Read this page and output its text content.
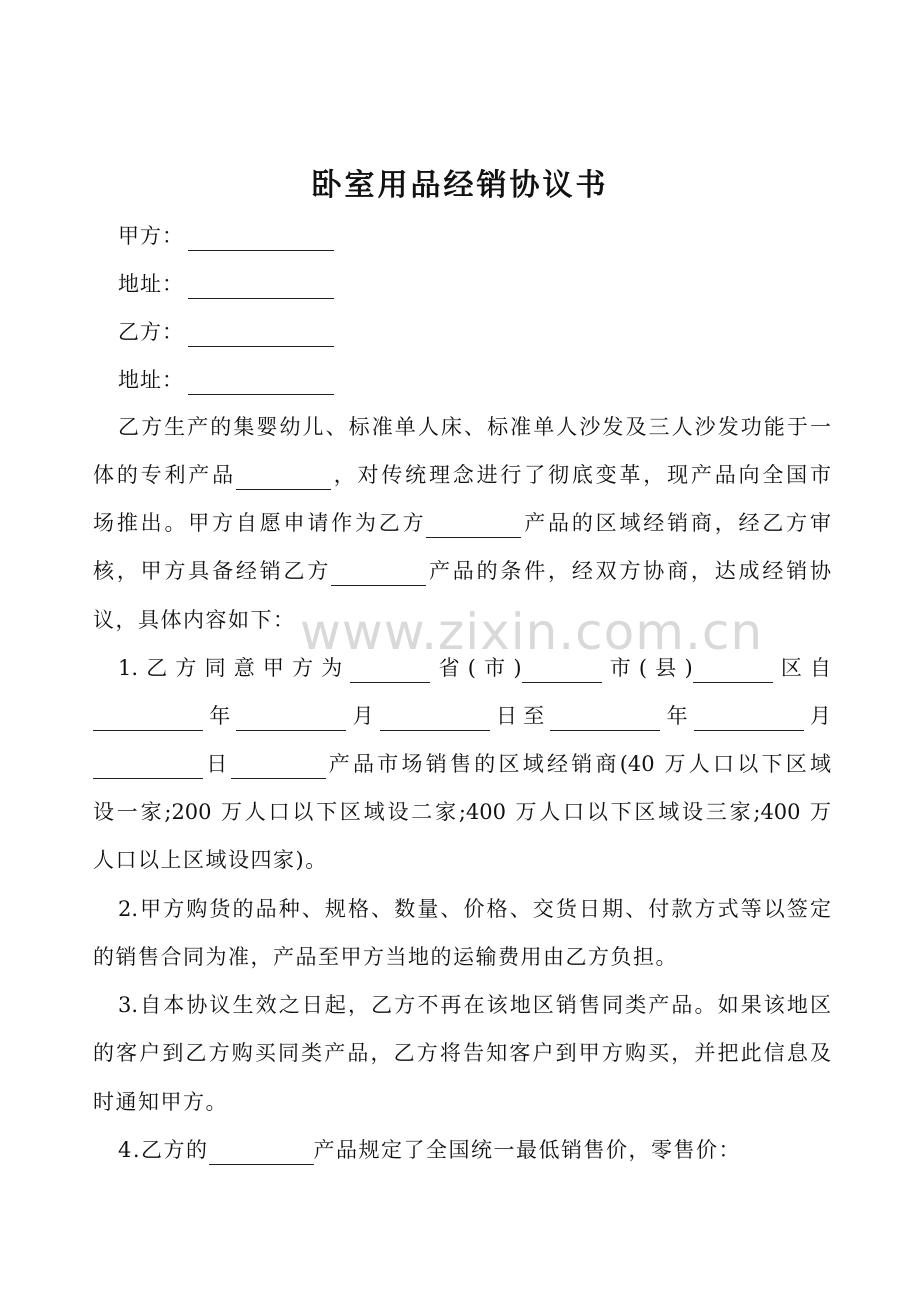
卧室用品经销协议书
甲方：
地址：
乙方：
地址：
乙方生产的集婴幼儿、标准单人床、标准单人沙发及三人沙发功能于一
体的专利产品	，对传统理念进行了彻底变革，现产品向全国市
场推出。甲方自愿申请作为乙方	产品的区域经销商，经乙方审
核，甲方具备经销乙方	产品的条件，经双方协商，达成经销协
议，具体内容如下：
1.乙方同意甲方为	省(市)	市(县)	区自
年	月	日至	年	月
日	产品市场销售的区域经销商(40 万人口以下区域
设一家;200 万人口以下区域设二家;400 万人口以下区域设三家;400 万
人口以上区域设四家)。
2.甲方购货的品种、规格、数量、价格、交货日期、付款方式等以签定
的销售合同为准，产品至甲方当地的运输费用由乙方负担。
3.自本协议生效之日起，乙方不再在该地区销售同类产品。如果该地区
的客户到乙方购买同类产品，乙方将告知客户到甲方购买，并把此信息及
时通知甲方。
4.乙方的	产品规定了全国统一最低销售价，零售价：
www.zixin.com.cn
